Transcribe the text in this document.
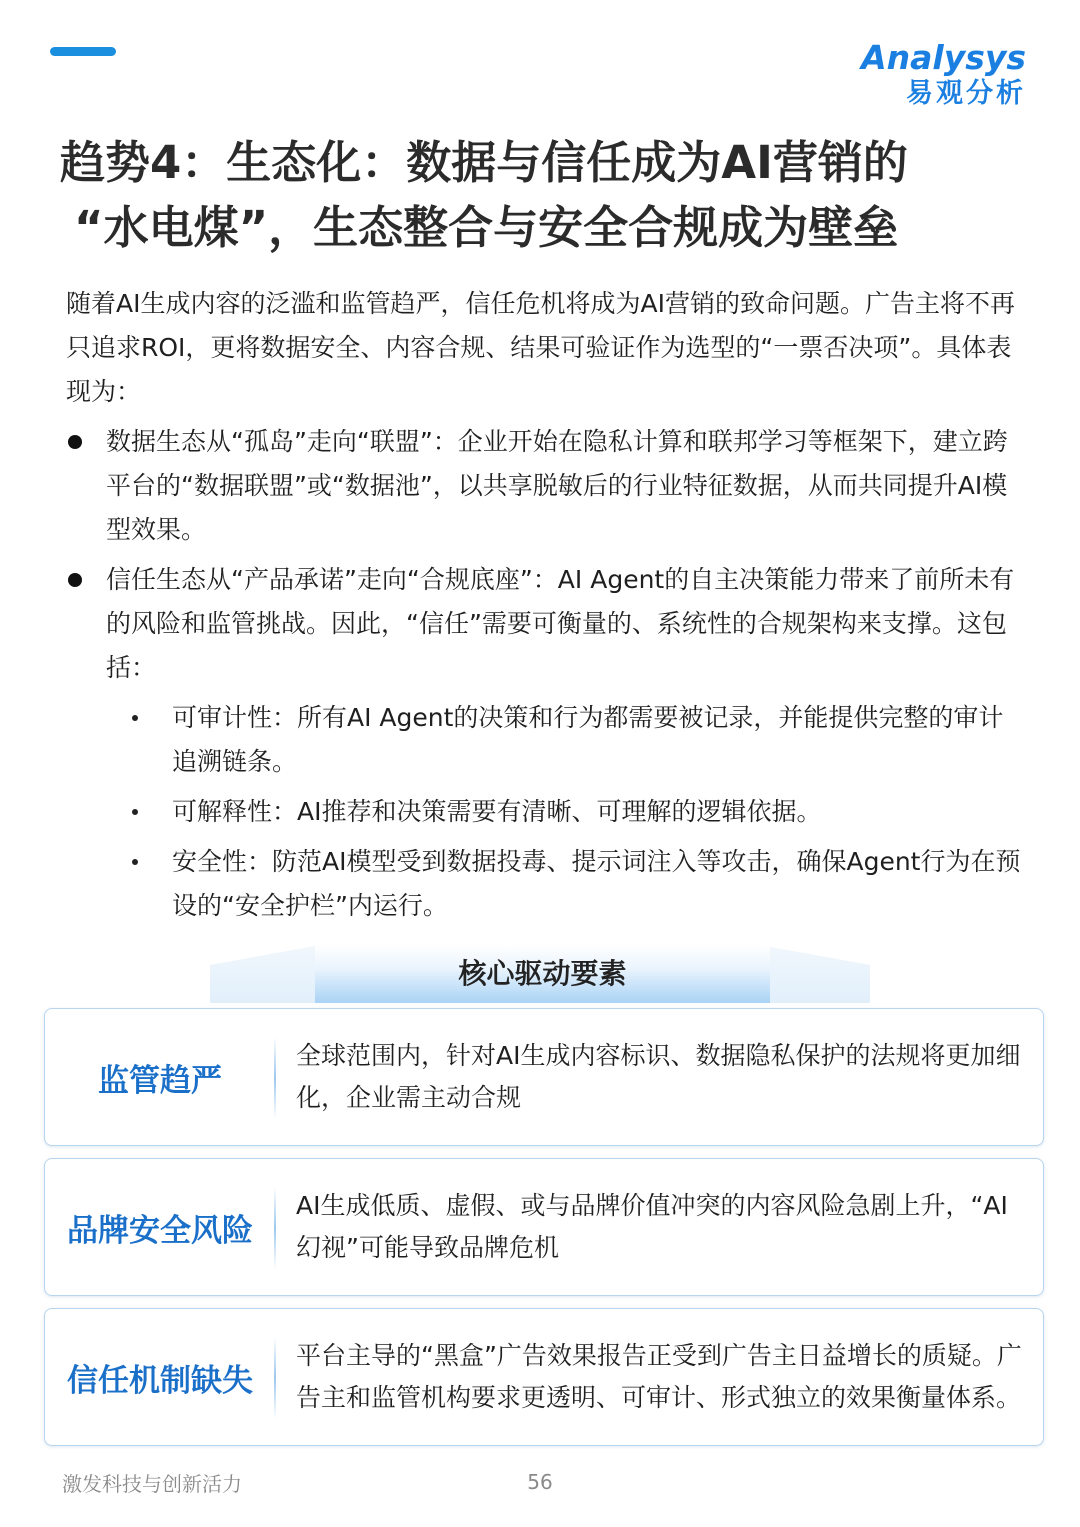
Analysys
易观分析
趋势4：生态化：数据与信任成为AI营销的
“水电煤”，生态整合与安全合规成为壁垒

随着AI生成内容的泛滥和监管趋严，信任危机将成为AI营销的致命问题。广告主将不再只追求ROI，更将数据安全、内容合规、结果可验证作为选型的“一票否决项”。具体表现为：

数据生态从“孤岛”走向“联盟”：企业开始在隐私计算和联邦学习等框架下，建立跨平台的“数据联盟”或“数据池”，以共享脱敏后的行业特征数据，从而共同提升AI模型效果。
信任生态从“产品承诺”走向“合规底座”：AI Agent的自主决策能力带来了前所未有的风险和监管挑战。因此，“信任”需要可衡量的、系统性的合规架构来支撑。这包括：
可审计性：所有AI Agent的决策和行为都需要被记录，并能提供完整的审计追溯链条。
可解释性：AI推荐和决策需要有清晰、可理解的逻辑依据。
安全性：防范AI模型受到数据投毒、提示词注入等攻击，确保Agent行为在预设的“安全护栏”内运行。
核心驱动要素
监管趋严
全球范围内，针对AI生成内容标识、数据隐私保护的法规将更加细化，企业需主动合规
品牌安全风险
AI生成低质、虚假、或与品牌价值冲突的内容风险急剧上升，“AI幻视”可能导致品牌危机
信任机制缺失
平台主导的“黑盒”广告效果报告正受到广告主日益增长的质疑。广告主和监管机构要求更透明、可审计、形式独立的效果衡量体系。
激发科技与创新活力	56
